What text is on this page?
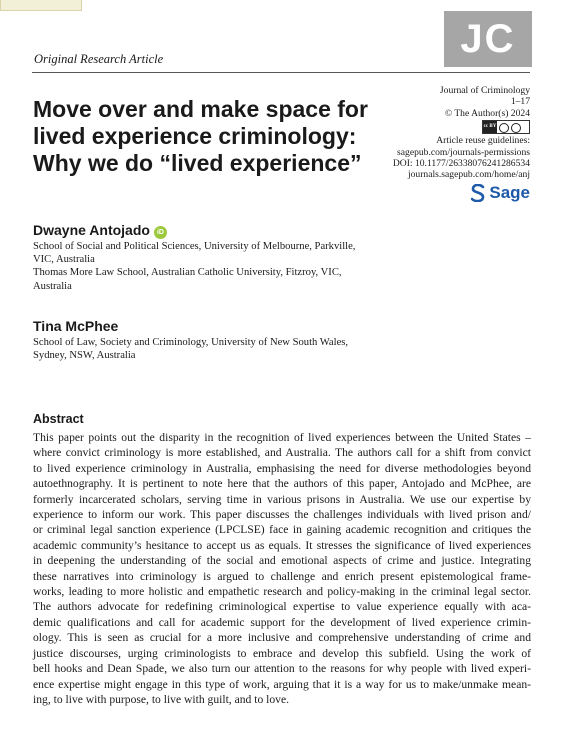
JC
Original Research Article
Move over and make space for
lived experience criminology:
Why we do “lived experience”
Journal of Criminology
1–17
© The Author(s) 2024
cc BY
Article reuse guidelines:
sagepub.com/journals-permissions
DOI: 10.1177/26338076241286534
journals.sagepub.com/home/anj
Sage
Dwayne Antojado iD
School of Social and Political Sciences, University of Melbourne, Parkville,
VIC, Australia
Thomas More Law School, Australian Catholic University, Fitzroy, VIC,
Australia
Tina McPhee
School of Law, Society and Criminology, University of New South Wales,
Sydney, NSW, Australia
Abstract
This paper points out the disparity in the recognition of lived experiences between the United States –
where convict criminology is more established, and Australia. The authors call for a shift from convict
to lived experience criminology in Australia, emphasising the need for diverse methodologies beyond
autoethnography. It is pertinent to note here that the authors of this paper, Antojado and McPhee, are
formerly incarcerated scholars, serving time in various prisons in Australia. We use our expertise by
experience to inform our work. This paper discusses the challenges individuals with lived prison and/
or criminal legal sanction experience (LPCLSE) face in gaining academic recognition and critiques the
academic community’s hesitance to accept us as equals. It stresses the significance of lived experiences
in deepening the understanding of the social and emotional aspects of crime and justice. Integrating
these narratives into criminology is argued to challenge and enrich present epistemological frame-
works, leading to more holistic and empathetic research and policy-making in the criminal legal sector.
The authors advocate for redefining criminological expertise to value experience equally with aca-
demic qualifications and call for academic support for the development of lived experience crimin-
ology. This is seen as crucial for a more inclusive and comprehensive understanding of crime and
justice discourses, urging criminologists to embrace and develop this subfield. Using the work of
bell hooks and Dean Spade, we also turn our attention to the reasons for why people with lived experi-
ence expertise might engage in this type of work, arguing that it is a way for us to make/unmake mean-
ing, to live with purpose, to live with guilt, and to love.
